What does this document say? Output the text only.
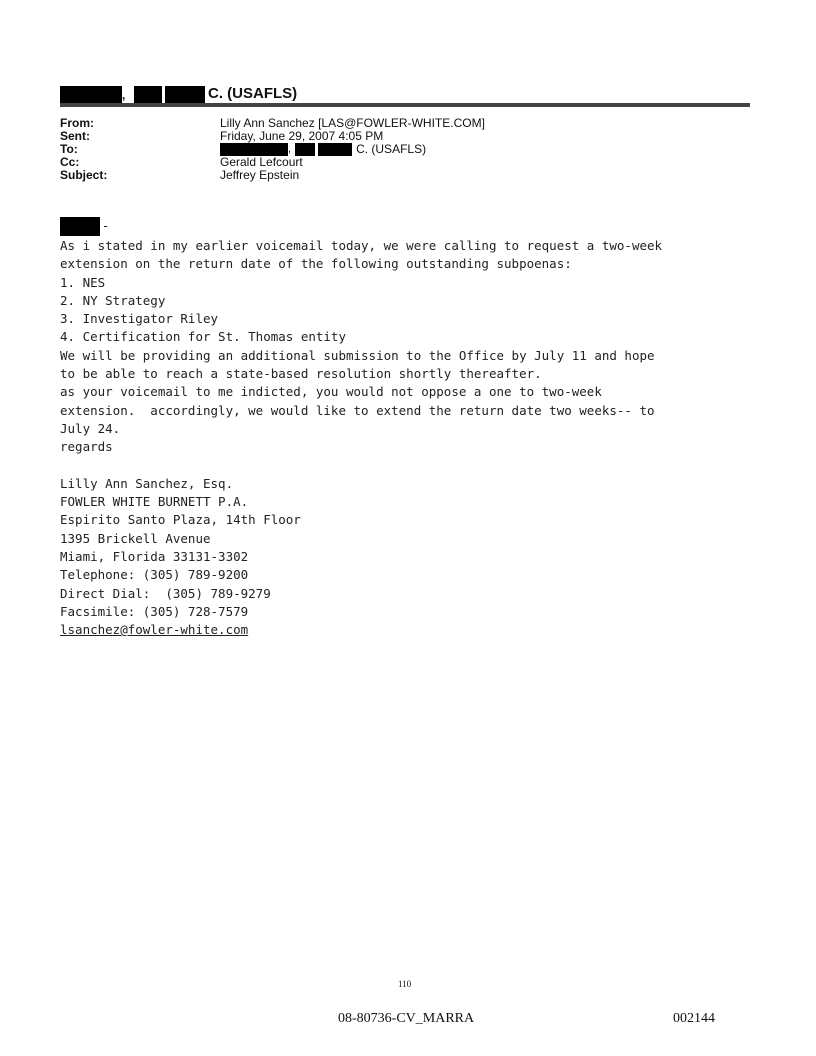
,	C. (USAFLS)
From:	Lilly Ann Sanchez [LAS@FOWLER-WHITE.COM]
Sent:	Friday, June 29, 2007 4:05 PM
To:	,	C. (USAFLS)
Cc:	Gerald Lefcourt
Subject:	Jeffrey Epstein
-
As i stated in my earlier voicemail today, we were calling to request a two-week
extension on the return date of the following outstanding subpoenas:
1. NES
2. NY Strategy
3. Investigator Riley
4. Certification for St. Thomas entity
We will be providing an additional submission to the Office by July 11 and hope
to be able to reach a state-based resolution shortly thereafter.
as your voicemail to me indicted, you would not oppose a one to two-week
extension.  accordingly, we would like to extend the return date two weeks-- to
July 24.
regards

Lilly Ann Sanchez, Esq.
FOWLER WHITE BURNETT P.A.
Espirito Santo Plaza, 14th Floor
1395 Brickell Avenue
Miami, Florida 33131-3302
Telephone: (305) 789-9200
Direct Dial:  (305) 789-9279
Facsimile: (305) 728-7579
lsanchez@fowler-white.com
110
08-80736-CV_MARRA	002144
